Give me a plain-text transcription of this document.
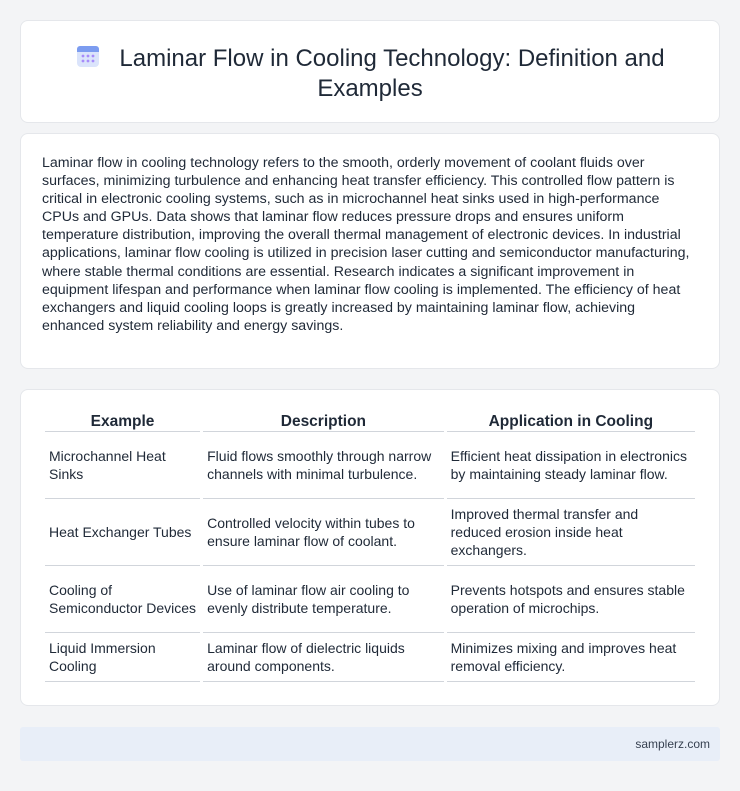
Laminar Flow in Cooling Technology: Definition and Examples

Laminar flow in cooling technology refers to the smooth, orderly movement of coolant fluids over surfaces, minimizing turbulence and enhancing heat transfer efficiency. This controlled flow pattern is critical in electronic cooling systems, such as in microchannel heat sinks used in high-performance CPUs and GPUs. Data shows that laminar flow reduces pressure drops and ensures uniform temperature distribution, improving the overall thermal management of electronic devices. In industrial applications, laminar flow cooling is utilized in precision laser cutting and semiconductor manufacturing, where stable thermal conditions are essential. Research indicates a significant improvement in equipment lifespan and performance when laminar flow cooling is implemented. The efficiency of heat exchangers and liquid cooling loops is greatly increased by maintaining laminar flow, achieving enhanced system reliability and energy savings.

Example	Description	Application in Cooling
Microchannel Heat Sinks	Fluid flows smoothly through narrow channels with minimal turbulence.	Efficient heat dissipation in electronics by maintaining steady laminar flow.
Heat Exchanger Tubes	Controlled velocity within tubes to ensure laminar flow of coolant.	Improved thermal transfer and reduced erosion inside heat exchangers.
Cooling of Semiconductor Devices	Use of laminar flow air cooling to evenly distribute temperature.	Prevents hotspots and ensures stable operation of microchips.
Liquid Immersion Cooling	Laminar flow of dielectric liquids around components.	Minimizes mixing and improves heat removal efficiency.
samplerz.com
